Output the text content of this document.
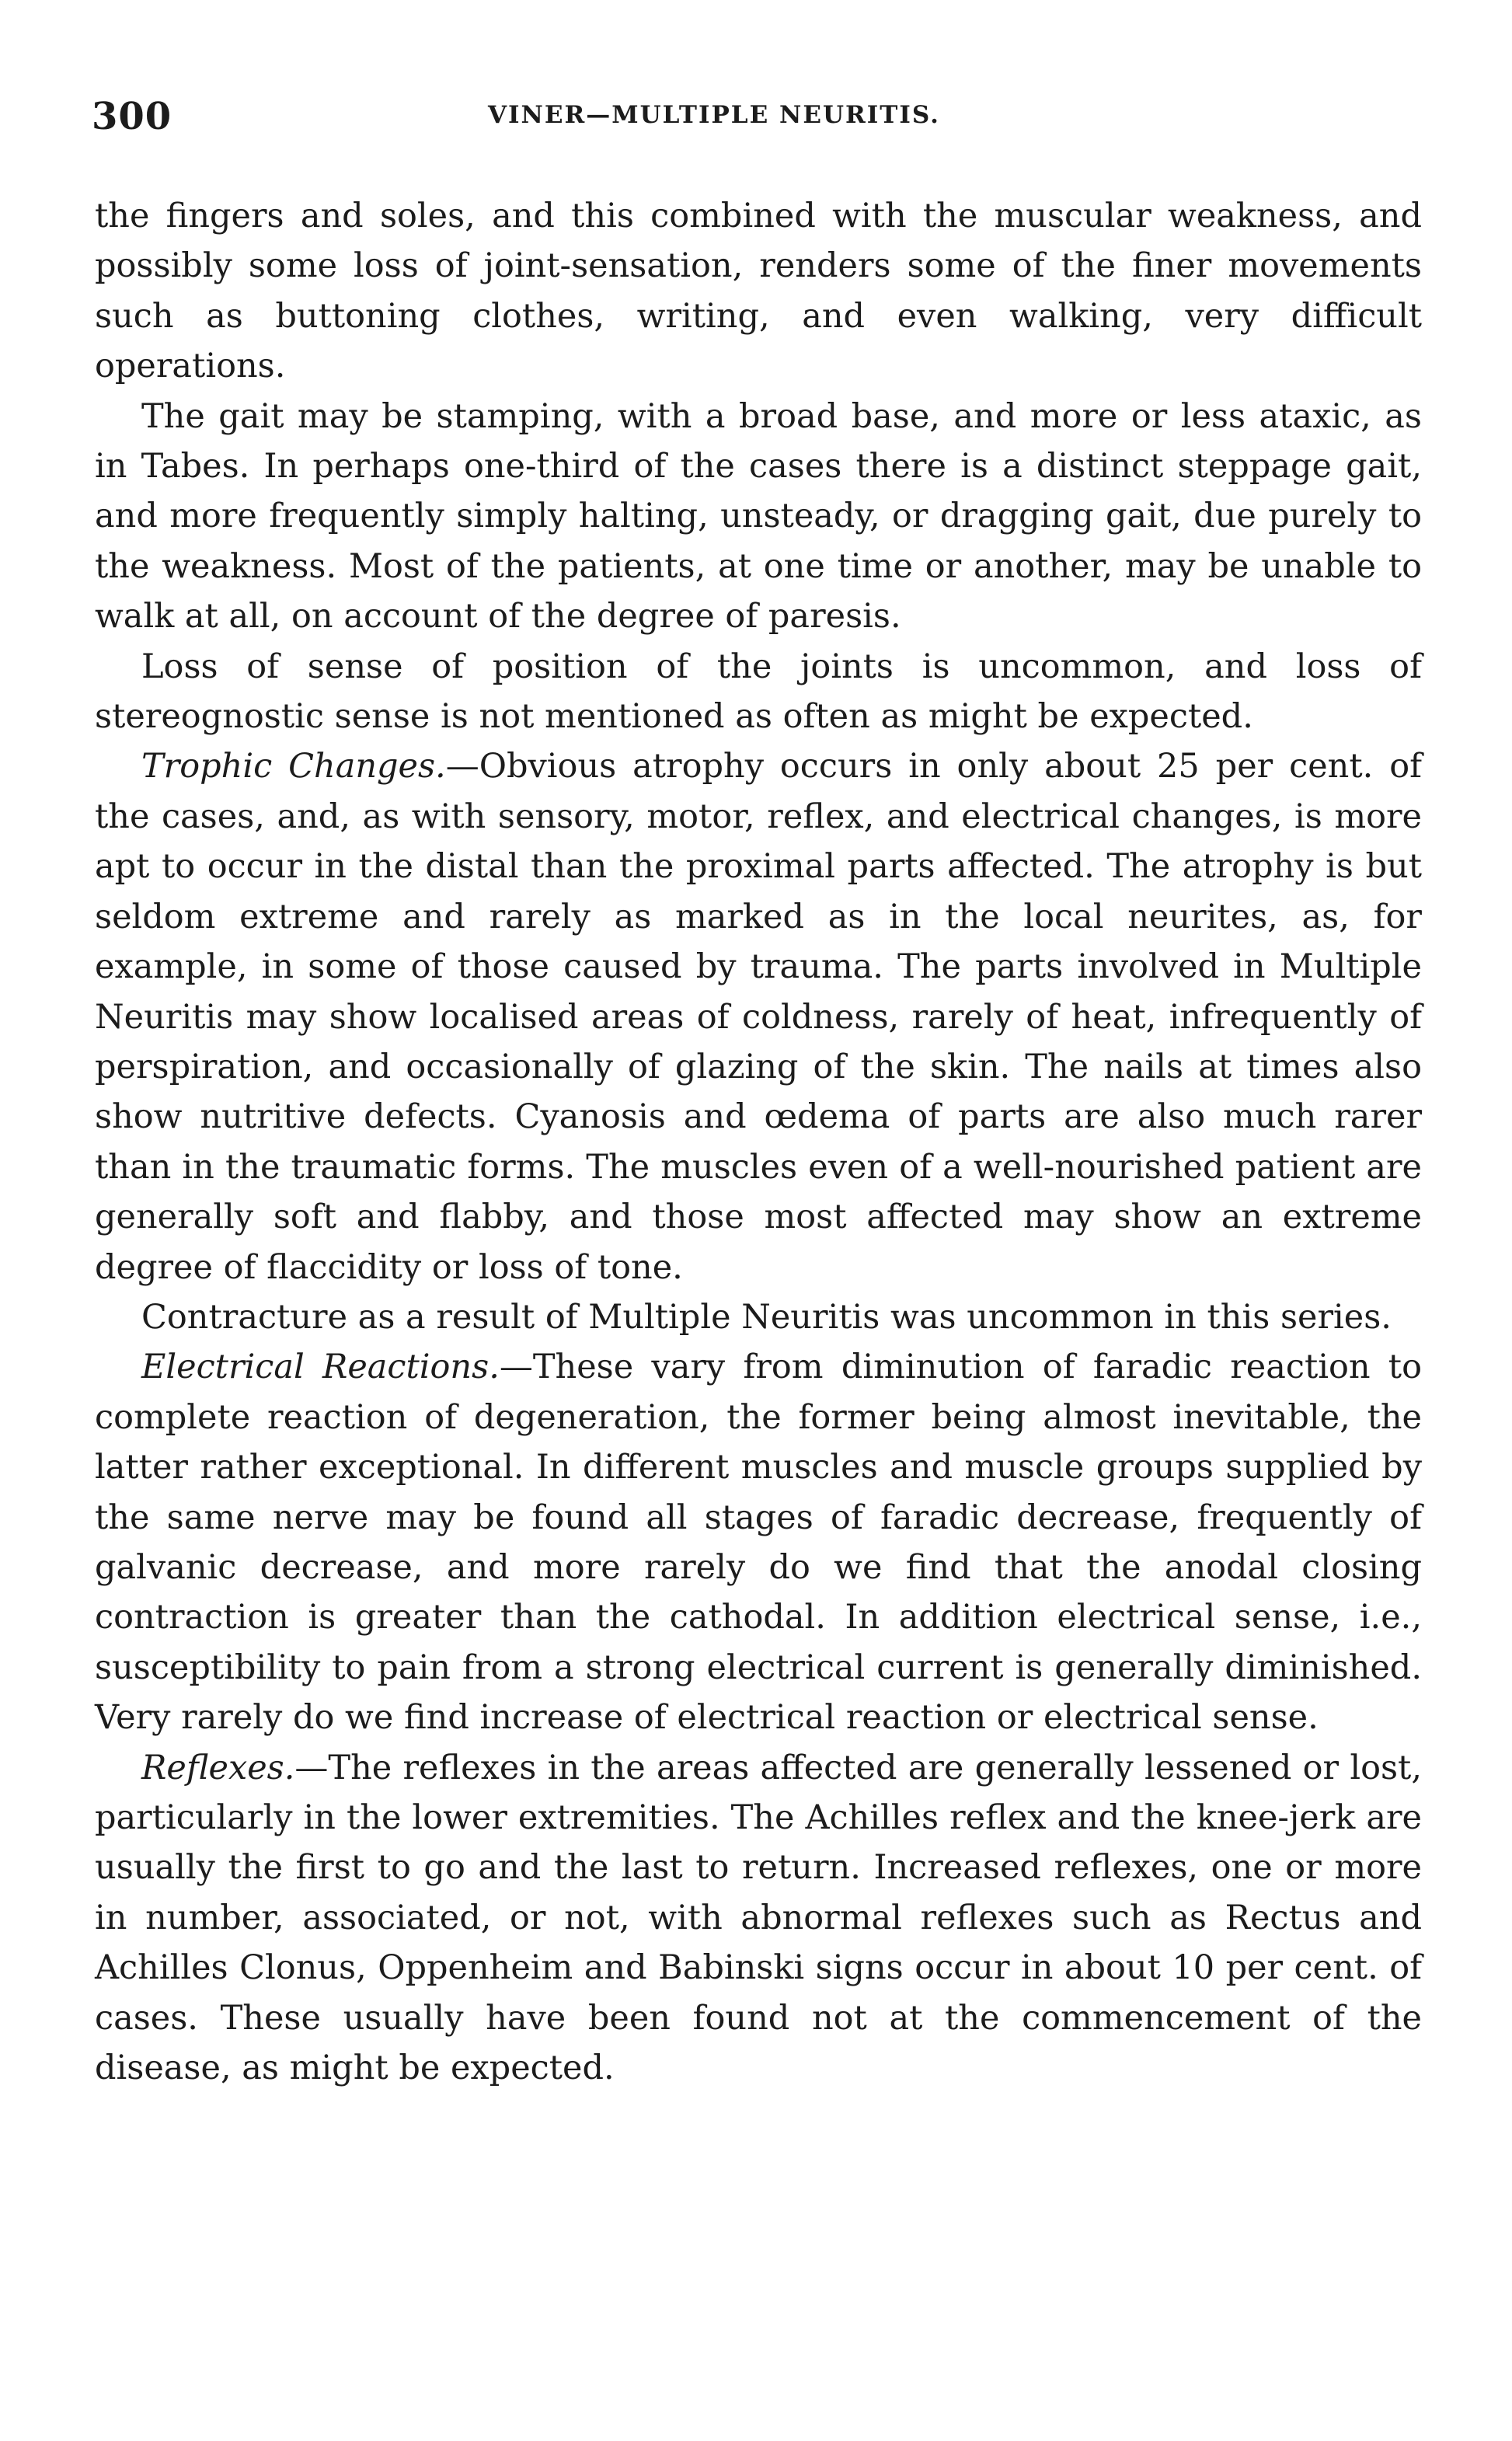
300	VINER—MULTIPLE NEURITIS.

the fingers and soles, and this combined with the muscular weakness, and possibly some loss of joint-sensation, renders some of the finer movements such as buttoning clothes, writing, and even walking, very difficult operations.

The gait may be stamping, with a broad base, and more or less ataxic, as in Tabes. In perhaps one-third of the cases there is a distinct steppage gait, and more frequently simply halting, unsteady, or dragging gait, due purely to the weakness. Most of the patients, at one time or another, may be unable to walk at all, on account of the degree of paresis.

Loss of sense of position of the joints is uncommon, and loss of stereognostic sense is not mentioned as often as might be expected.

Trophic Changes.—Obvious atrophy occurs in only about 25 per cent. of the cases, and, as with sensory, motor, reflex, and electrical changes, is more apt to occur in the distal than the proximal parts affected. The atrophy is but seldom extreme and rarely as marked as in the local neurites, as, for example, in some of those caused by trauma. The parts involved in Multiple Neuritis may show localised areas of coldness, rarely of heat, infrequently of perspiration, and occasionally of glazing of the skin. The nails at times also show nutritive defects. Cyanosis and œdema of parts are also much rarer than in the traumatic forms. The muscles even of a well-nourished patient are generally soft and flabby, and those most affected may show an extreme degree of flaccidity or loss of tone.

Contracture as a result of Multiple Neuritis was uncommon in this series.

Electrical Reactions.—These vary from diminution of faradic reaction to complete reaction of degeneration, the former being almost inevitable, the latter rather exceptional. In different muscles and muscle groups supplied by the same nerve may be found all stages of faradic decrease, frequently of galvanic decrease, and more rarely do we find that the anodal closing contraction is greater than the cathodal. In addition electrical sense, i.e., susceptibility to pain from a strong electrical current is generally diminished. Very rarely do we find increase of electrical reaction or electrical sense.

Reflexes.—The reflexes in the areas affected are generally lessened or lost, particularly in the lower extremities. The Achilles reflex and the knee-jerk are usually the first to go and the last to return. Increased reflexes, one or more in number, associated, or not, with abnormal reflexes such as Rectus and Achilles Clonus, Oppenheim and Babinski signs occur in about 10 per cent. of cases. These usually have been found not at the commencement of the disease, as might be expected.
